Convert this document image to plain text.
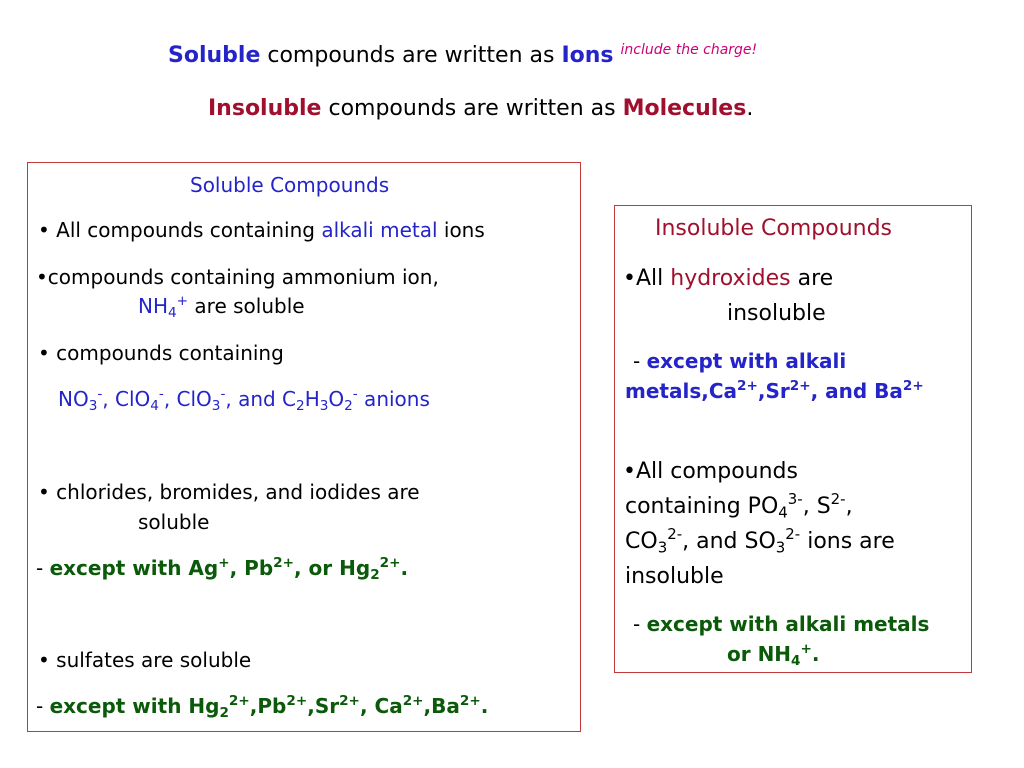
Soluble compounds are written as Ions $^{include the charge!}$
Insoluble compounds are written as Molecules.
Soluble Compounds
• All compounds containing alkali metal ions
•compounds containing ammonium ion,
$NH_4^+$ are soluble
• compounds containing
$NO_3^-$, ClO$_4$-, ClO$_3$-, and $C_2H_3O_2^-$ anions
• chlorides, bromides, and iodides are
soluble
- except with Ag+, $Pb^{2+}$, or $Hg_2^{2+}$.
• sulfates are soluble
- except with $Hg_2^{2+},Pb^{2+},Sr^{2+}$, $Ca^{2+},Ba^{2+}$.
Insoluble Compounds
•All hydroxides are
insoluble
- except with alkali
$metals,Ca^{2+},Sr^{2+}$, and $Ba^{2+}$
•All compounds
containing $PO_4^{3-}$, $S^{2-}$,
$CO_3^{2-}$, and $SO_3^{2-}$ ions are
insoluble
- except with alkali metals
or $NH_4^+$.
